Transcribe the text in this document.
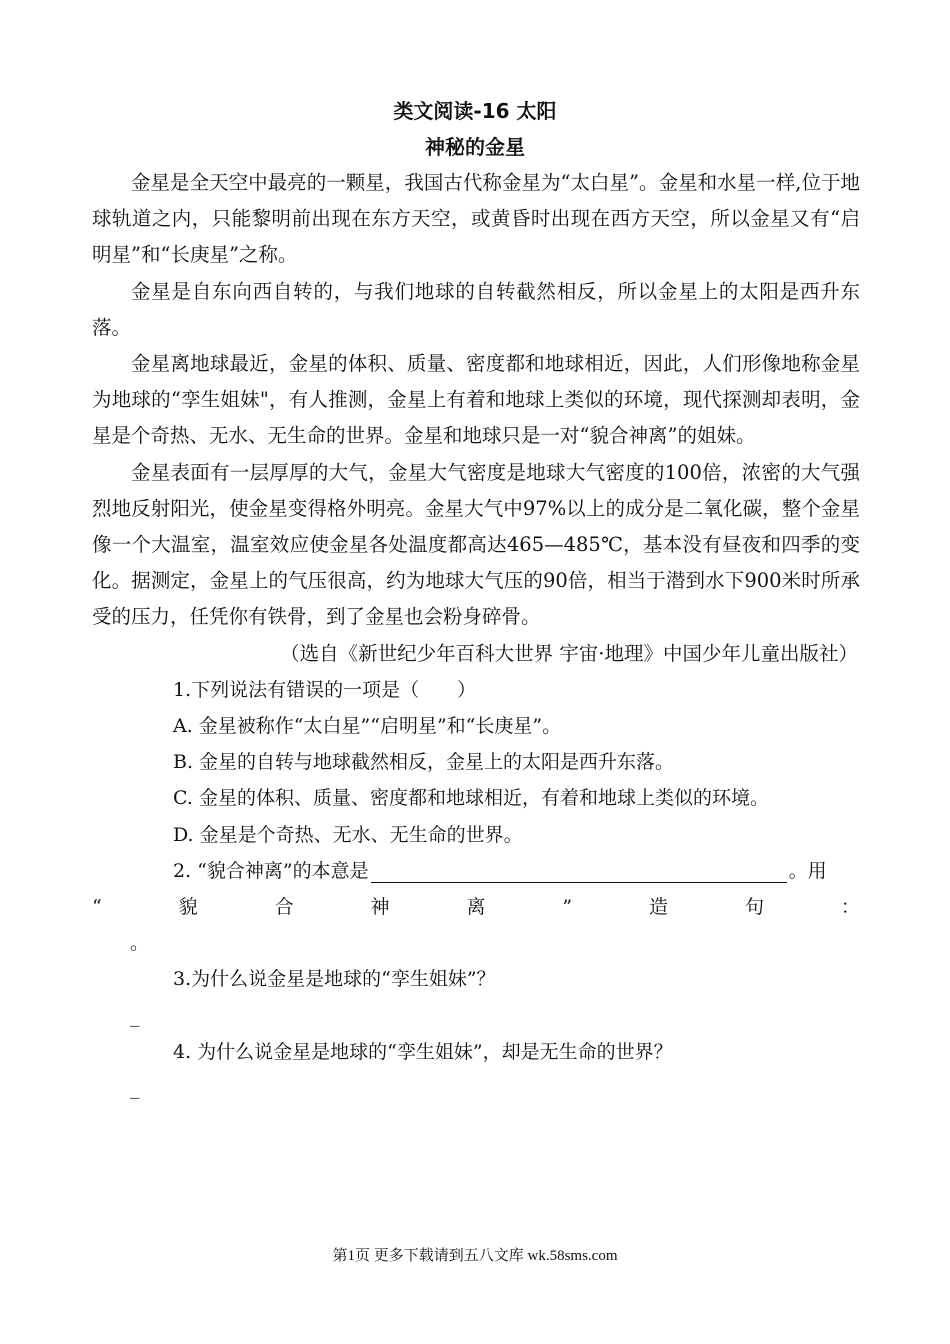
类文阅读-16 太阳
神秘的金星

金星是全天空中最亮的一颗星，我国古代称金星为“太白星”。金星和水星一样,位于地球轨道之内，只能黎明前出现在东方天空，或黄昏时出现在西方天空，所以金星又有“启明星”和“长庚星”之称。

金星是自东向西自转的，与我们地球的自转截然相反，所以金星上的太阳是西升东落。

金星离地球最近，金星的体积、质量、密度都和地球相近，因此，人们形像地称金星为地球的“孪生姐妹"，有人推测，金星上有着和地球上类似的环境，现代探测却表明，金星是个奇热、无水、无生命的世界。金星和地球只是一对“貌合神离”的姐妹。

金星表面有一层厚厚的大气，金星大气密度是地球大气密度的100倍，浓密的大气强烈地反射阳光，使金星变得格外明亮。金星大气中97%以上的成分是二氧化碳，整个金星像一个大温室，温室效应使金星各处温度都高达465—485℃，基本没有昼夜和四季的变化。据测定，金星上的气压很高，约为地球大气压的90倍，相当于潜到水下900米时所承受的压力，任凭你有铁骨，到了金星也会粉身碎骨。

（选自《新世纪少年百科大世界 宇宙·地理》中国少年儿童出版社）

1.下列说法有错误的一项是（　　）

A. 金星被称作“太白星”“启明星”和“长庚星”。

B. 金星的自转与地球截然相反，金星上的太阳是西升东落。

C. 金星的体积、质量、密度都和地球相近，有着和地球上类似的环境。

D. 金星是个奇热、无水、无生命的世界。

2. “貌合神离”的本意是	。用

“	貌	合	神	离	”	造	句	：

。

3.为什么说金星是地球的“孪生姐妹”？

_

4. 为什么说金星是地球的“孪生姐妹”，却是无生命的世界？

_

第1页 更多下载请到五八文库 wk.58sms.com
